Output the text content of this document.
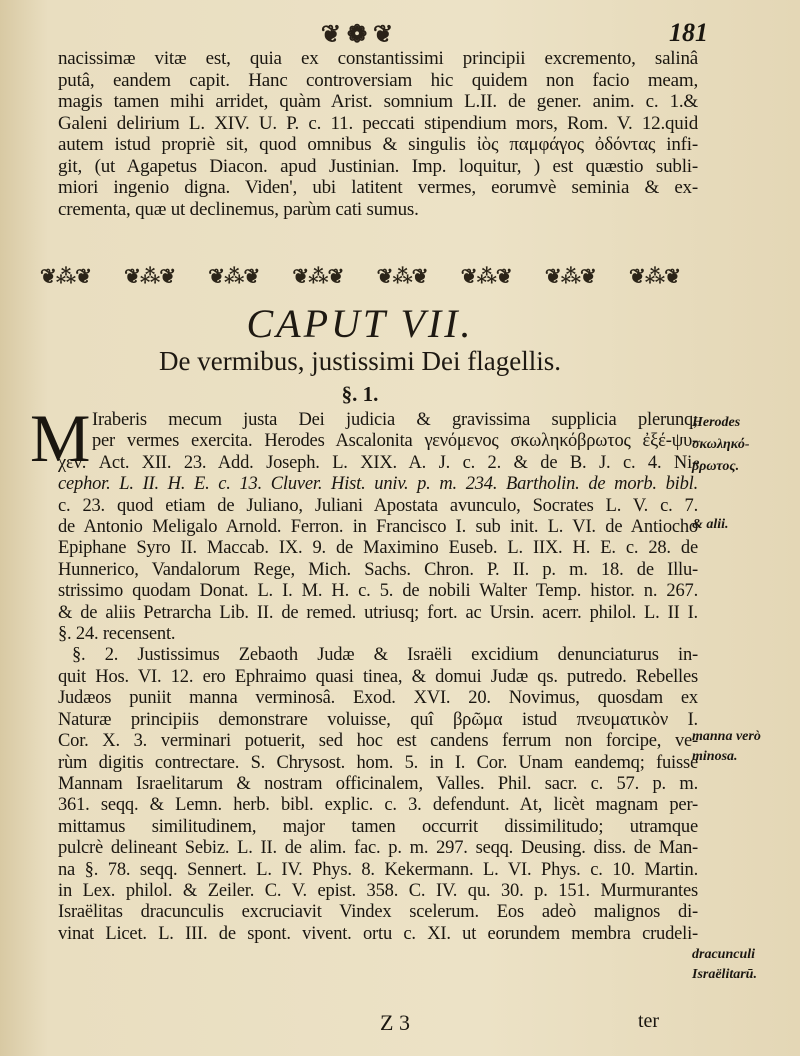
❦❁❦	181
nacissimæ vitæ est, quia ex constantissimi principii excremento, salinâ
putâ, eandem capit. Hanc controversiam hic quidem non facio meam,
magis tamen mihi arridet, quàm Arist. somnium L.II. de gener. anim. c. 1.&
Galeni delirium L. XIV. U. P. c. 11. peccati stipendium mors, Rom. V. 12.quid
autem istud propriè sit, quod omnibus & singulis ἰὸς παμφάγος ὀδόντας infi-
git, (ut Agapetus Diacon. apud Justinian. Imp. loquitur, ) est quæstio subli-
miori ingenio digna. Viden', ubi latitent vermes, eorumvè seminia & ex-
crementa, quæ ut declinemus, parùm cati sumus.
❦⁂❦ ❦⁂❦ ❦⁂❦ ❦⁂❦ ❦⁂❦ ❦⁂❦ ❦⁂❦ ❦⁂❦
CAPUT VII.
De vermibus, justissimi Dei flagellis.
§. 1.
M Iraberis mecum justa Dei judicia & gravissima supplicia plerunq;
per vermes exercita. Herodes Ascalonita γενόμενος σκωληκόβρωτος ἐξέ-ψυ-
χεν. Act. XII. 23. Add. Joseph. L. XIX. A. J. c. 2. & de B. J. c. 4. Ni-
cephor. L. II. H. E. c. 13. Cluver. Hist. univ. p. m. 234. Bartholin. de morb. bibl.
c. 23. quod etiam de Juliano, Juliani Apostata avunculo, Socrates L. V. c. 7.
de Antonio Meligalo Arnold. Ferron. in Francisco I. sub init. L. VI. de Antiocho
Epiphane Syro II. Maccab. IX. 9. de Maximino Euseb. L. IIX. H. E. c. 28. de
Hunnerico, Vandalorum Rege, Mich. Sachs. Chron. P. II. p. m. 18. de Illu-
strissimo quodam Donat. L. I. M. H. c. 5. de nobili Walter Temp. histor. n. 267.
& de aliis Petrarcha Lib. II. de remed. utriusq; fort. ac Ursin. acerr. philol. L. II I.
§. 24. recensent.
§. 2. Justissimus Zebaoth Judæ & Israëli excidium denunciaturus in-
quit Hos. VI. 12. ero Ephraimo quasi tinea, & domui Judæ qs. putredo. Rebelles
Judæos puniit manna verminosâ. Exod. XVI. 20. Novimus, quosdam ex
Naturæ principiis demonstrare voluisse, quî βρῶμα istud πνευματικὸν I.
Cor. X. 3. verminari potuerit, sed hoc est candens ferrum non forcipe, ve-
rùm digitis contrectare. S. Chrysost. hom. 5. in I. Cor. Unam eandemq; fuisse
Mannam Israelitarum & nostram officinalem, Valles. Phil. sacr. c. 57. p. m.
361. seqq. & Lemn. herb. bibl. explic. c. 3. defendunt. At, licèt magnam per-
mittamus similitudinem, major tamen occurrit dissimilitudo; utramque
pulcrè delineant Sebiz. L. II. de alim. fac. p. m. 297. seqq. Deusing. diss. de Man-
na §. 78. seqq. Sennert. L. IV. Phys. 8. Kekermann. L. VI. Phys. c. 10. Martin.
in Lex. philol. & Zeiler. C. V. epist. 358. C. IV. qu. 30. p. 151. Murmurantes
Israëlitas dracunculis excruciavit Vindex scelerum. Eos adeò malignos di-
vinat Licet. L. III. de spont. vivent. ortu c. XI. ut eorundem membra crudeli-
Herodes
σκωληκό-
βρωτος.
& alii.
manna verò
minosa.
dracunculi
Israëlitarū.
Z 3	ter
